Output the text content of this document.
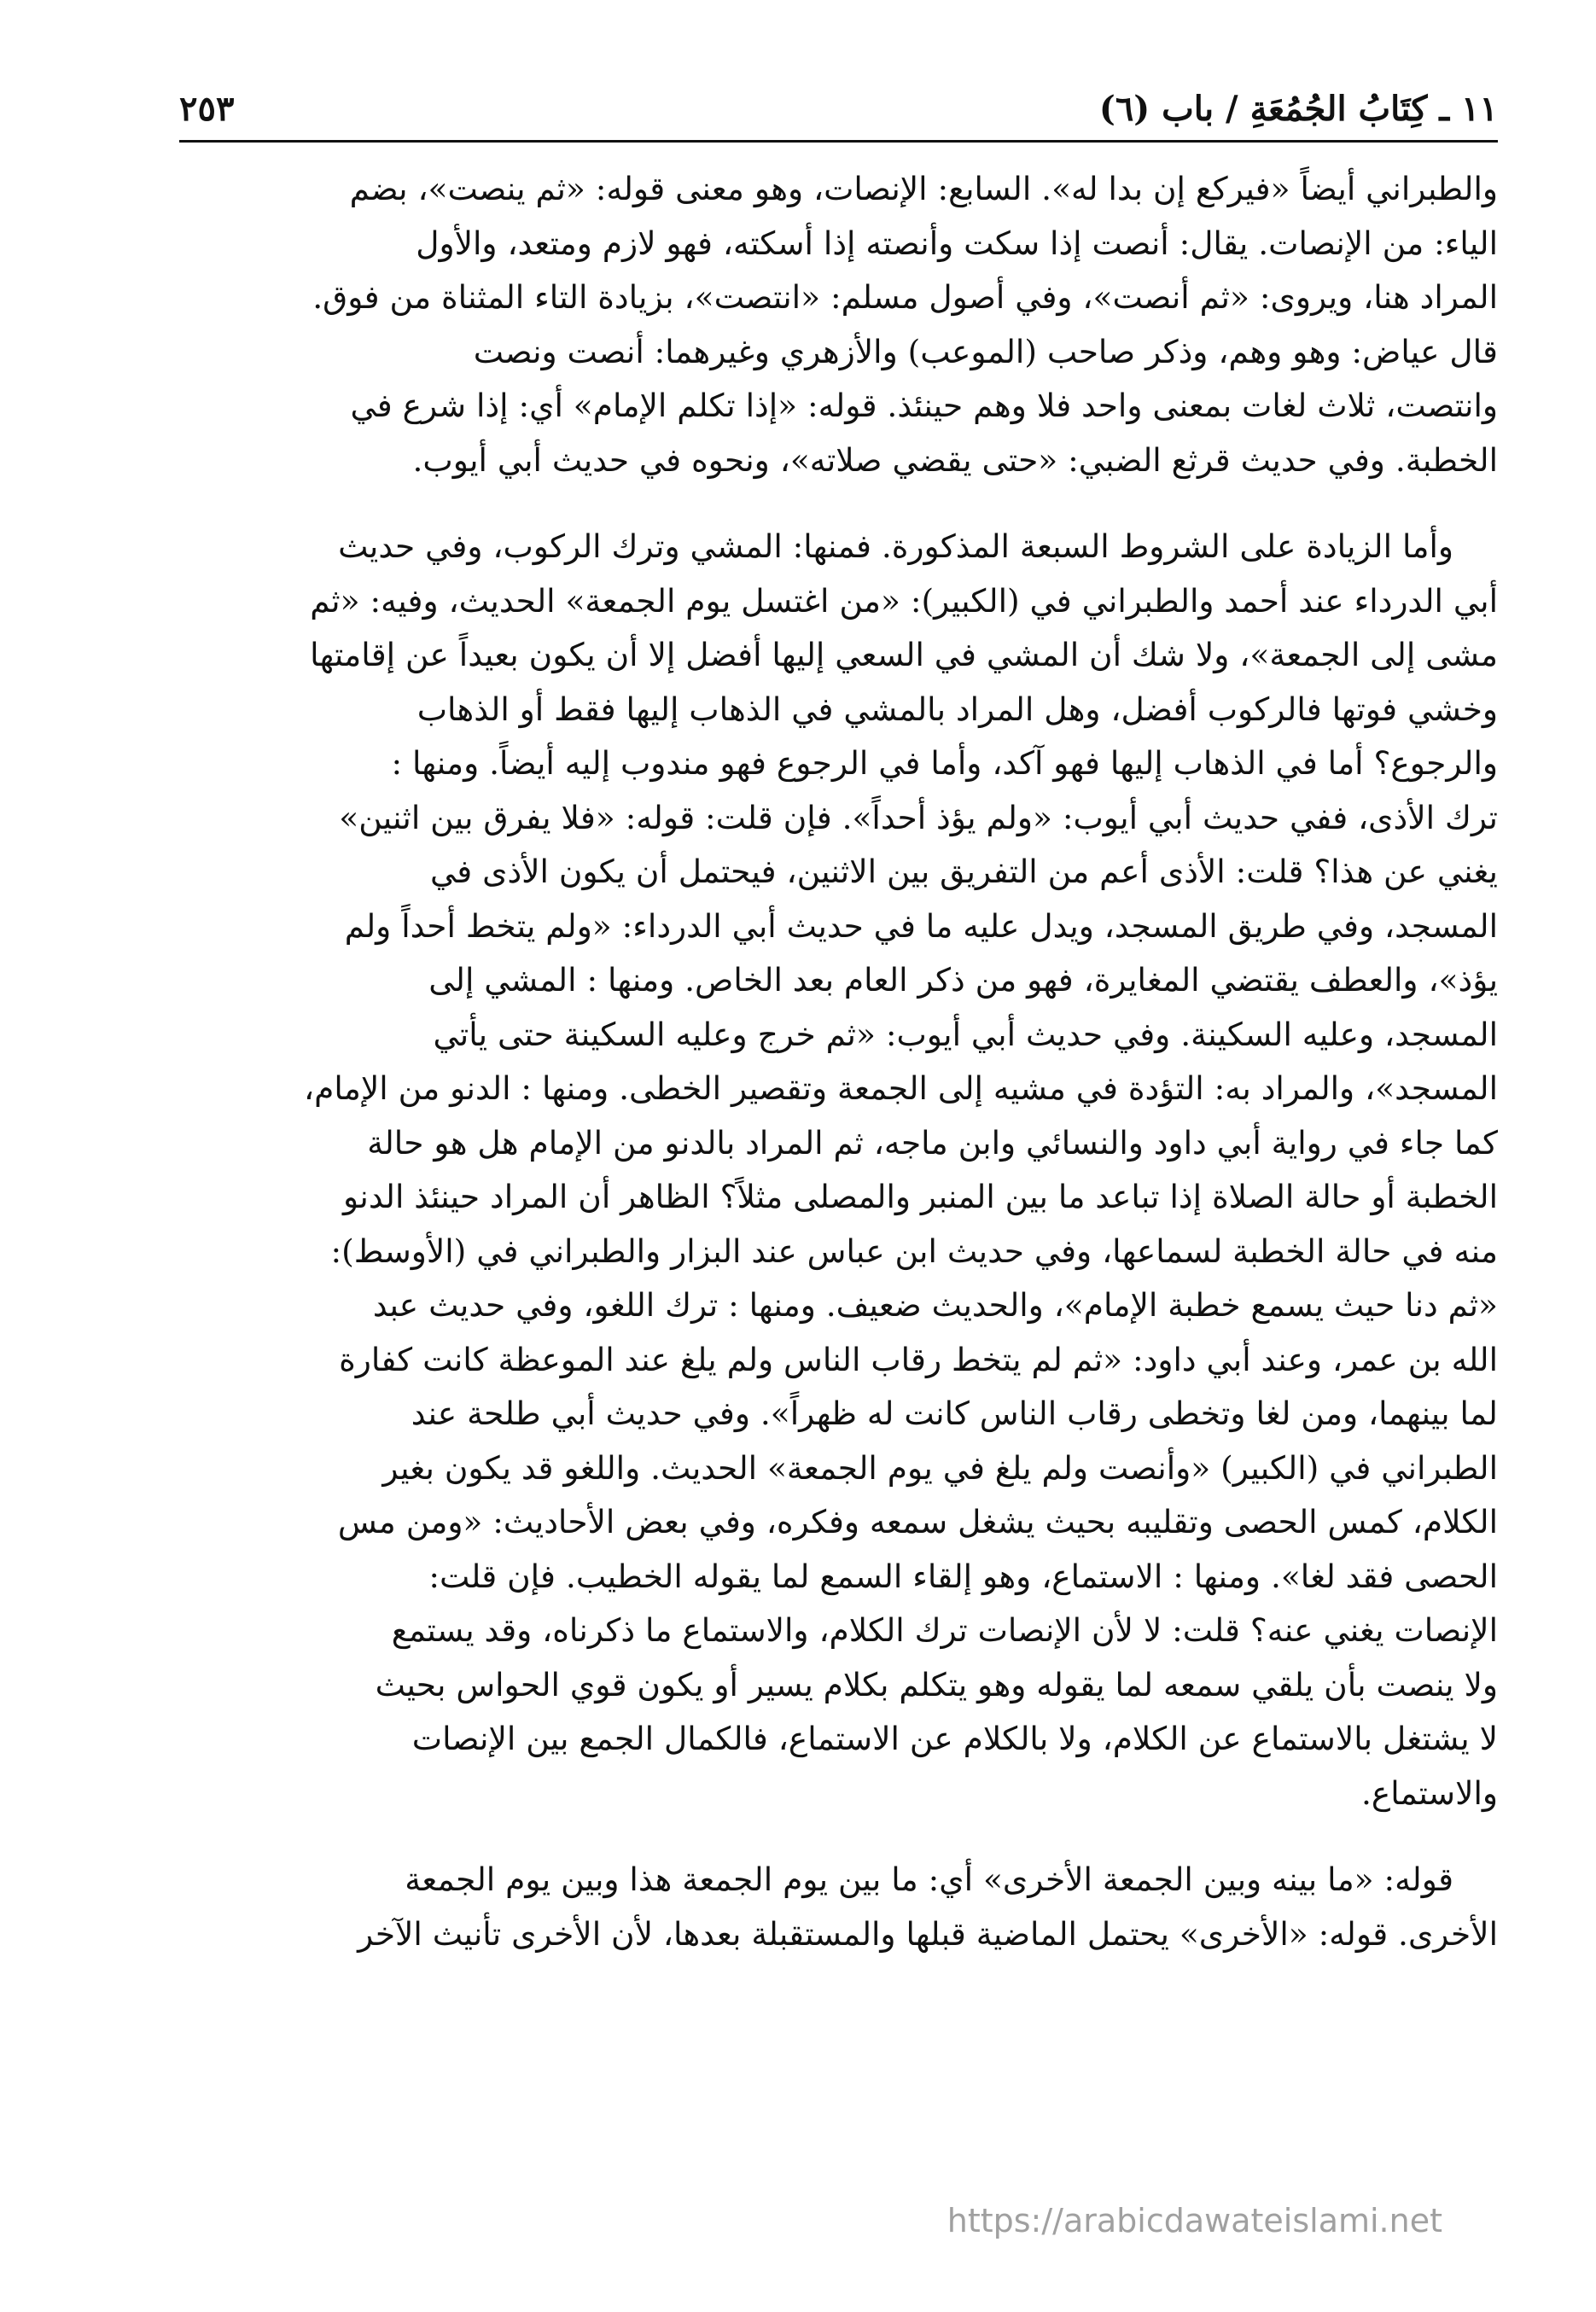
١١ ـ كِتَابُ الجُمُعَةِ / باب (٦)
٢٥٣

والطبراني أيضاً «فيركع إن بدا له». السابع: الإنصات، وهو معنى قوله: «ثم ينصت»، بضم
الياء: من الإنصات. يقال: أنصت إذا سكت وأنصته إذا أسكته، فهو لازم ومتعد، والأول
المراد هنا، ويروى: «ثم أنصت»، وفي أصول مسلم: «انتصت»، بزيادة التاء المثناة من فوق.
قال عياض: وهو وهم، وذكر صاحب (الموعب) والأزهري وغيرهما: أنصت ونصت
وانتصت، ثلاث لغات بمعنى واحد فلا وهم حينئذ. قوله: «إذا تكلم الإمام» أي: إذا شرع في
الخطبة. وفي حديث قرثع الضبي: «حتى يقضي صلاته»، ونحوه في حديث أبي أيوب.

وأما الزيادة على الشروط السبعة المذكورة. فمنها: المشي وترك الركوب، وفي حديث
أبي الدرداء عند أحمد والطبراني في (الكبير): «من اغتسل يوم الجمعة» الحديث، وفيه: «ثم
مشى إلى الجمعة»، ولا شك أن المشي في السعي إليها أفضل إلا أن يكون بعيداً عن إقامتها
وخشي فوتها فالركوب أفضل، وهل المراد بالمشي في الذهاب إليها فقط أو الذهاب
والرجوع؟ أما في الذهاب إليها فهو آكد، وأما في الرجوع فهو مندوب إليه أيضاً. ومنها :
ترك الأذى، ففي حديث أبي أيوب: «ولم يؤذ أحداً». فإن قلت: قوله: «فلا يفرق بين اثنين»
يغني عن هذا؟ قلت: الأذى أعم من التفريق بين الاثنين، فيحتمل أن يكون الأذى في
المسجد، وفي طريق المسجد، ويدل عليه ما في حديث أبي الدرداء: «ولم يتخط أحداً ولم
يؤذ»، والعطف يقتضي المغايرة، فهو من ذكر العام بعد الخاص. ومنها : المشي إلى
المسجد، وعليه السكينة. وفي حديث أبي أيوب: «ثم خرج وعليه السكينة حتى يأتي
المسجد»، والمراد به: التؤدة في مشيه إلى الجمعة وتقصير الخطى. ومنها : الدنو من الإمام،
كما جاء في رواية أبي داود والنسائي وابن ماجه، ثم المراد بالدنو من الإمام هل هو حالة
الخطبة أو حالة الصلاة إذا تباعد ما بين المنبر والمصلى مثلاً؟ الظاهر أن المراد حينئذ الدنو
منه في حالة الخطبة لسماعها، وفي حديث ابن عباس عند البزار والطبراني في (الأوسط):
«ثم دنا حيث يسمع خطبة الإمام»، والحديث ضعيف. ومنها : ترك اللغو، وفي حديث عبد
الله بن عمر، وعند أبي داود: «ثم لم يتخط رقاب الناس ولم يلغ عند الموعظة كانت كفارة
لما بينهما، ومن لغا وتخطى رقاب الناس كانت له ظهراً». وفي حديث أبي طلحة عند
الطبراني في (الكبير) «وأنصت ولم يلغ في يوم الجمعة» الحديث. واللغو قد يكون بغير
الكلام، كمس الحصى وتقليبه بحيث يشغل سمعه وفكره، وفي بعض الأحاديث: «ومن مس
الحصى فقد لغا». ومنها : الاستماع، وهو إلقاء السمع لما يقوله الخطيب. فإن قلت:
الإنصات يغني عنه؟ قلت: لا لأن الإنصات ترك الكلام، والاستماع ما ذكرناه، وقد يستمع
ولا ينصت بأن يلقي سمعه لما يقوله وهو يتكلم بكلام يسير أو يكون قوي الحواس بحيث
لا يشتغل بالاستماع عن الكلام، ولا بالكلام عن الاستماع، فالكمال الجمع بين الإنصات
والاستماع.

قوله: «ما بينه وبين الجمعة الأخرى» أي: ما بين يوم الجمعة هذا وبين يوم الجمعة
الأخرى. قوله: «الأخرى» يحتمل الماضية قبلها والمستقبلة بعدها، لأن الأخرى تأنيث الآخر

https://arabicdawateislami.net
